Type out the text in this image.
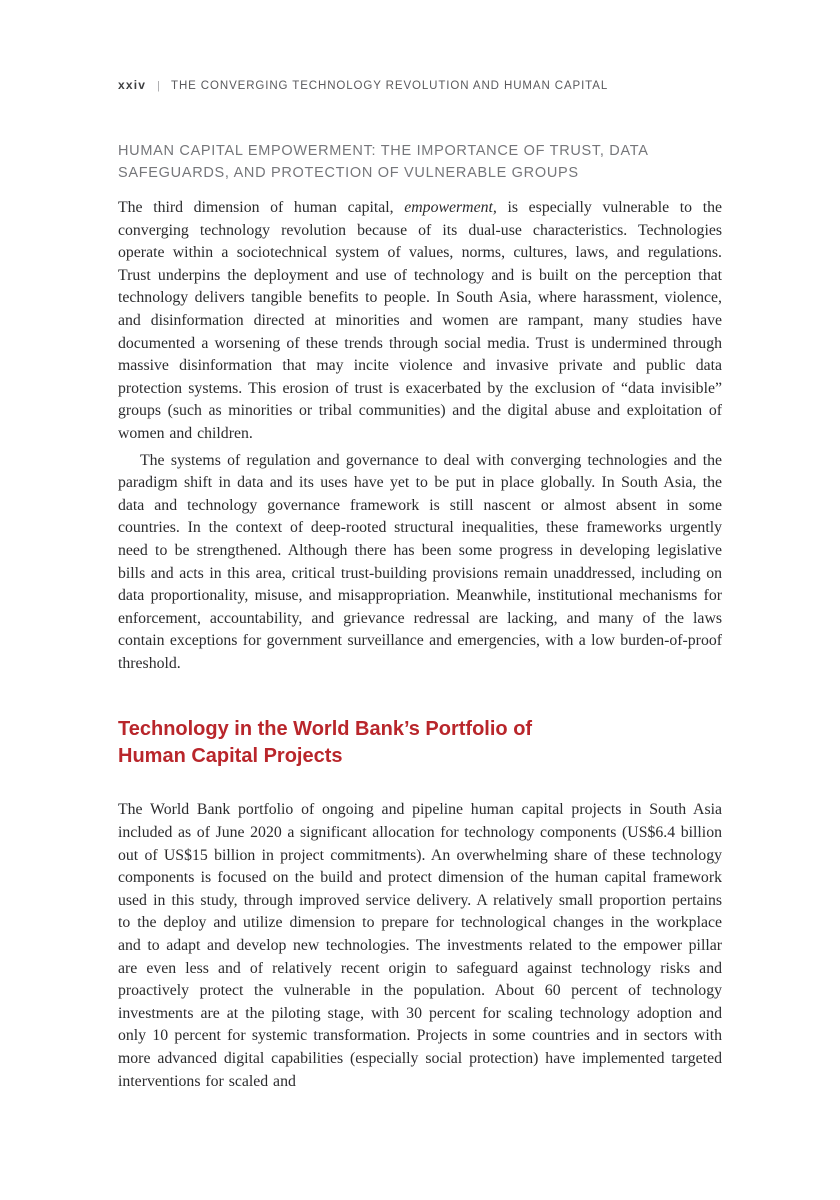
xxiv | THE CONVERGING TECHNOLOGY REVOLUTION AND HUMAN CAPITAL
HUMAN CAPITAL EMPOWERMENT: THE IMPORTANCE OF TRUST, DATA SAFEGUARDS, AND PROTECTION OF VULNERABLE GROUPS

The third dimension of human capital, empowerment, is especially vulnerable to the converging technology revolution because of its dual-use characteristics. Technologies operate within a sociotechnical system of values, norms, cultures, laws, and regulations. Trust underpins the deployment and use of technology and is built on the perception that technology delivers tangible benefits to people. In South Asia, where harassment, violence, and disinformation directed at minorities and women are rampant, many studies have documented a worsening of these trends through social media. Trust is undermined through massive disinformation that may incite violence and invasive private and public data protection systems. This erosion of trust is exacerbated by the exclusion of “data invisible” groups (such as minorities or tribal communities) and the digital abuse and exploitation of women and children.

The systems of regulation and governance to deal with converging technologies and the paradigm shift in data and its uses have yet to be put in place globally. In South Asia, the data and technology governance framework is still nascent or almost absent in some countries. In the context of deep-rooted structural inequalities, these frameworks urgently need to be strengthened. Although there has been some progress in developing legislative bills and acts in this area, critical trust-building provisions remain unaddressed, including on data proportionality, misuse, and misappropriation. Meanwhile, institutional mechanisms for enforcement, accountability, and grievance redressal are lacking, and many of the laws contain exceptions for government surveillance and emergencies, with a low burden-of-proof threshold.

Technology in the World Bank’s Portfolio of
Human Capital Projects

The World Bank portfolio of ongoing and pipeline human capital projects in South Asia included as of June 2020 a significant allocation for technology components (US$6.4 billion out of US$15 billion in project commitments). An overwhelming share of these technology components is focused on the build and protect dimension of the human capital framework used in this study, through improved service delivery. A relatively small proportion pertains to the deploy and utilize dimension to prepare for technological changes in the workplace and to adapt and develop new technologies. The investments related to the empower pillar are even less and of relatively recent origin to safeguard against technology risks and proactively protect the vulnerable in the population. About 60 percent of technology investments are at the piloting stage, with 30 percent for scaling technology adoption and only 10 percent for systemic transformation. Projects in some countries and in sectors with more advanced digital capabilities (especially social protection) have implemented targeted interventions for scaled and
